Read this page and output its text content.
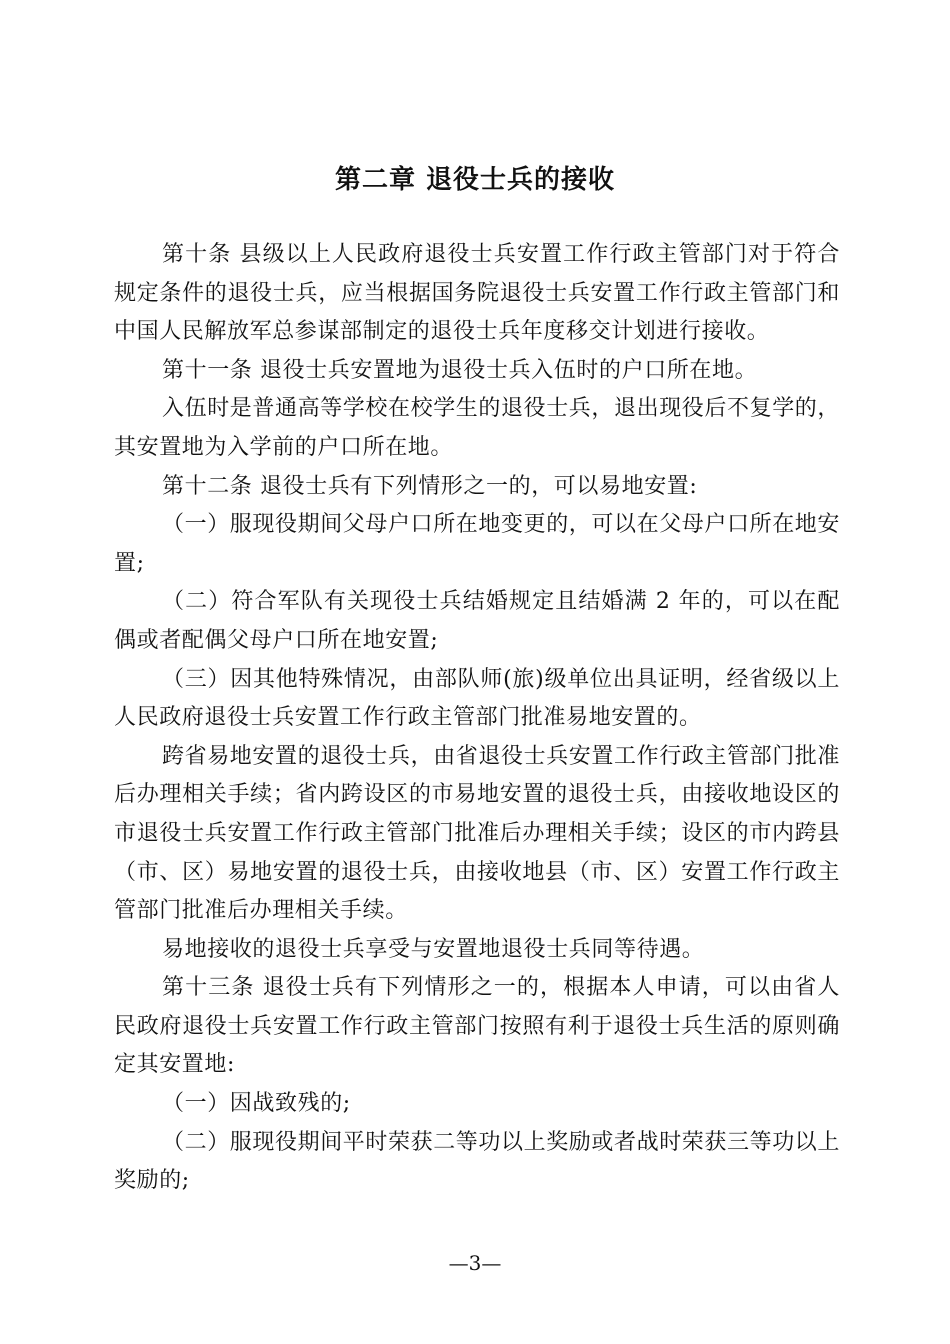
第二章 退役士兵的接收

第十条 县级以上人民政府退役士兵安置工作行政主管部门对于符合规定条件的退役士兵，应当根据国务院退役士兵安置工作行政主管部门和中国人民解放军总参谋部制定的退役士兵年度移交计划进行接收。

第十一条 退役士兵安置地为退役士兵入伍时的户口所在地。

入伍时是普通高等学校在校学生的退役士兵，退出现役后不复学的，其安置地为入学前的户口所在地。

第十二条 退役士兵有下列情形之一的，可以易地安置:

（一）服现役期间父母户口所在地变更的，可以在父母户口所在地安置;

（二）符合军队有关现役士兵结婚规定且结婚满 2 年的，可以在配偶或者配偶父母户口所在地安置;

（三）因其他特殊情况，由部队师(旅)级单位出具证明，经省级以上人民政府退役士兵安置工作行政主管部门批准易地安置的。

跨省易地安置的退役士兵，由省退役士兵安置工作行政主管部门批准后办理相关手续；省内跨设区的市易地安置的退役士兵，由接收地设区的市退役士兵安置工作行政主管部门批准后办理相关手续；设区的市内跨县（市、区）易地安置的退役士兵，由接收地县（市、区）安置工作行政主管部门批准后办理相关手续。

易地接收的退役士兵享受与安置地退役士兵同等待遇。

第十三条 退役士兵有下列情形之一的，根据本人申请，可以由省人民政府退役士兵安置工作行政主管部门按照有利于退役士兵生活的原则确定其安置地:

（一）因战致残的;

（二）服现役期间平时荣获二等功以上奖励或者战时荣获三等功以上奖励的;

—3—
